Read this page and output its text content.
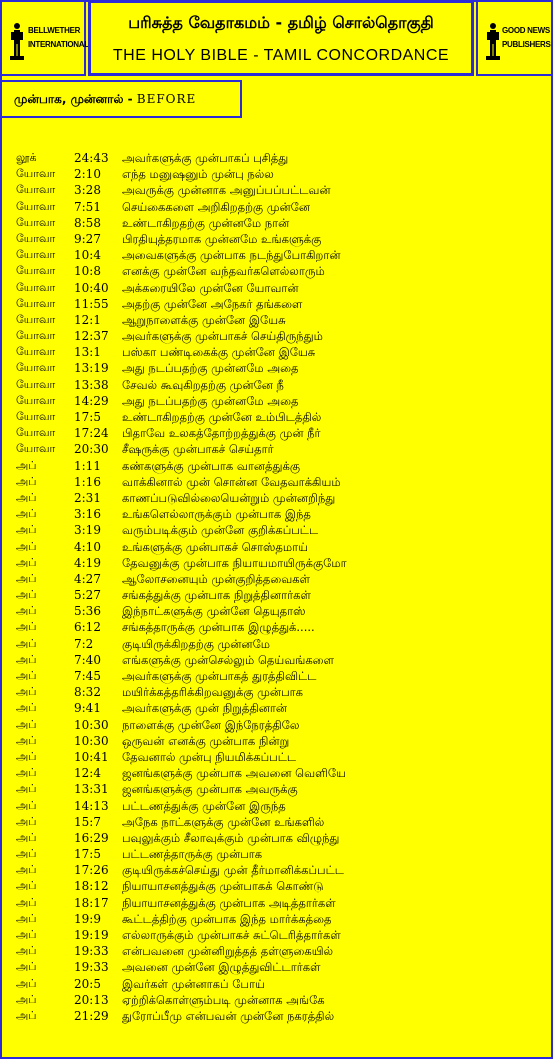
BELLWETHER
INTERNATIONAL
பரிசுத்த வேதாகமம் - தமிழ் சொல்தொகுதி
THE HOLY BIBLE - TAMIL CONCORDANCE
GOOD NEWS
PUBLISHERS
முன்பாக, முன்னால் - BEFORE
லூக்	24:43 அவர்களுக்கு முன்பாகப் புசித்து
யோவா 2:10 எந்த மனுஷனும் முன்பு நல்ல
யோவா 3:28 அவருக்கு முன்னாக அனுப்பப்பட்டவன்
யோவா 7:51 செய்கைகளை அறிகிறதற்கு முன்னே
யோவா 8:58 உண்டாகிறதற்கு முன்னமே நான்
யோவா 9:27 பிரதியுத்தரமாக முன்னமே உங்களுக்கு
யோவா 10:4 அவைகளுக்கு முன்பாக நடந்துபோகிறான்
யோவா 10:8 எனக்கு முன்னே வந்தவர்களெல்லாரும்
யோவா 10:40 அக்கரையிலே முன்னே யோவான்
யோவா 11:55 அதற்கு முன்னே அநேகர் தங்களை
யோவா 12:1 ஆறுநாளைக்கு முன்னே இயேசு
யோவா 12:37 அவர்களுக்கு முன்பாகச் செய்திருந்தும்
யோவா 13:1 பஸ்கா பண்டிகைக்கு முன்னே இயேசு
யோவா 13:19 அது நடப்பதற்கு முன்னமே அதை
யோவா 13:38 சேவல் கூவுகிறதற்கு முன்னே நீ
யோவா 14:29 அது நடப்பதற்கு முன்னமே அதை
யோவா 17:5 உண்டாகிறதற்கு முன்னே உம்பிடத்தில்
யோவா 17:24 பிதாவே உலகத்தோற்றத்துக்கு முன் நீர்
யோவா 20:30 சீஷருக்கு முன்பாகச் செய்தார்
அப்	1:11 கண்களுக்கு முன்பாக வானத்துக்கு
அப்	1:16 வாக்கினால் முன் சொன்ன வேதவாக்கியம்
அப்	2:31 காணப்படுவில்லையென்றும் முன்னறிந்து
அப்	3:16 உங்களெல்லாருக்கும் முன்பாக இந்த
அப்	3:19 வரும்படிக்கும் முன்னே குறிக்கப்பட்ட
அப்	4:10 உங்களுக்கு முன்பாகச் சொஸ்தமாய்
அப்	4:19 தேவனுக்கு முன்பாக நியாயமாயிருக்குமோ
அப்	4:27 ஆலோசனையும் முன்குறித்தவைகள்
அப்	5:27 சங்கத்துக்கு முன்பாக நிறுத்தினார்கள்
அப்	5:36 இந்நாட்களுக்கு முன்னே தெயுதாஸ்
அப்	6:12 சங்கத்தாருக்கு முன்பாக இழுத்துக்.....
அப்	7:2 குடியிருக்கிறதற்கு முன்னமே
அப்	7:40 எங்களுக்கு முன்செல்லும் தெய்வங்களை
அப்	7:45 அவர்களுக்கு முன்பாகத் துரத்திவிட்ட
அப்	8:32 மயிர்க்கத்தரிக்கிறவனுக்கு முன்பாக
அப்	9:41 அவர்களுக்கு முன் நிறுத்தினான்
அப்	10:30 நாளைக்கு முன்னே இந்நேரத்திலே
அப்	10:30 ஒருவன் எனக்கு முன்பாக நின்று
அப்	10:41 தேவனால் முன்பு நியமிக்கப்பட்ட
அப்	12:4 ஜனங்களுக்கு முன்பாக அவனை வெளியே
அப்	13:31 ஜனங்களுக்கு முன்பாக அவருக்கு
அப்	14:13 பட்டணத்துக்கு முன்னே இருந்த
அப்	15:7 அநேக நாட்களுக்கு முன்னே உங்களில்
அப்	16:29 பவுலுக்கும் சீலாவுக்கும் முன்பாக விழுந்து
அப்	17:5 பட்டணத்தாருக்கு முன்பாக
அப்	17:26 குடியிருக்கச்செய்து முன் தீர்மானிக்கப்பட்ட
அப்	18:12 நியாயாசனத்துக்கு முன்பாகக் கொண்டு
அப்	18:17 நியாயாசனத்துக்கு முன்பாக அடித்தார்கள்
அப்	19:9 கூட்டத்திற்கு முன்பாக இந்த மார்க்கத்தை
அப்	19:19 எல்லாருக்கும் முன்பாகச் சுட்டெரித்தார்கள்
அப்	19:33 என்பவனை முன்னிறுத்தத் தள்ளுகையில்
அப்	19:33 அவனை முன்னே இழுத்துவிட்டார்கள்
அப்	20:5 இவர்கள் முன்னாகப் போய்
அப்	20:13 ஏற்றிக்கொள்ளும்படி முன்னாக அங்கே
அப்	21:29 துரோப்பீமு என்பவன் முன்னே நகரத்தில்
